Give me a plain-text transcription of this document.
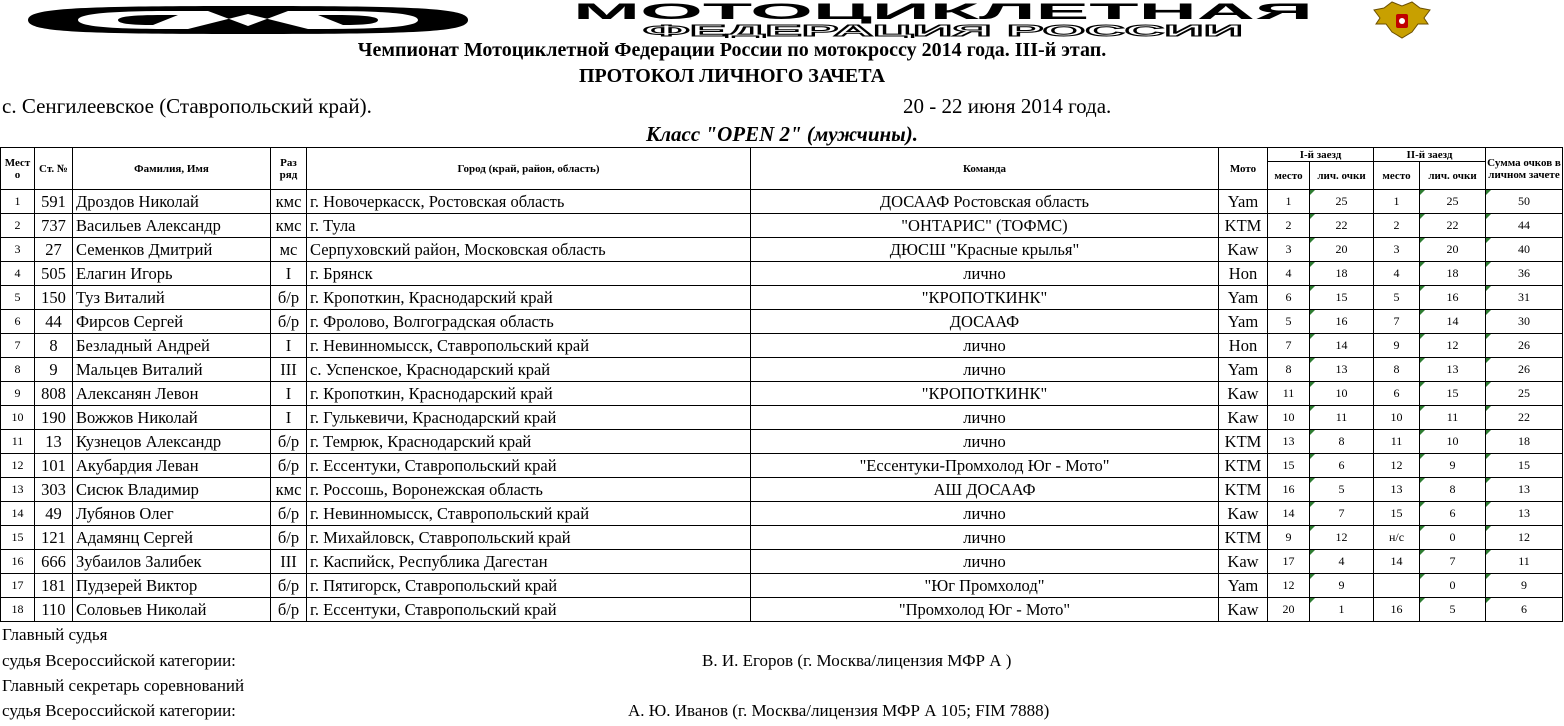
МОТОЦИКЛЕТНАЯ
ФЕДЕРАЦИЯ РОССИИ
Чемпионат Мотоциклетной Федерации России по мотокроссу 2014 года. III-й этап.
ПРОТОКОЛ ЛИЧНОГО ЗАЧЕТА
с. Сенгилеевское (Ставропольский край).	20 - 22 июня 2014 года.
Класс "OPEN 2" (мужчины).
Мест о	Ст. №	Фамилия, Имя	Раз ряд	Город (край, район, область)	Команда	Мото	I-й заезд		II-й заезд		Сумма очков в личном зачете
							место	лич. очки	место	лич. очки	
1	591	Дроздов Николай	кмс	г. Новочеркасск, Ростовская область	ДОСААФ Ростовская область	Yam	1	25	1	25	50
2	737	Васильев Александр	кмс	г. Тула	"ОНТАРИС" (ТОФМС)	KTM	2	22	2	22	44
3	27	Семенков Дмитрий	мс	Серпуховский район, Московская область	ДЮСШ "Красные крылья"	Kaw	3	20	3	20	40
4	505	Елагин Игорь	I	г. Брянск	лично	Hon	4	18	4	18	36
5	150	Туз Виталий	б/р	г. Кропоткин, Краснодарский край	"КРОПОТКИНК"	Yam	6	15	5	16	31
6	44	Фирсов Сергей	б/р	г. Фролово, Волгоградская область	ДОСААФ	Yam	5	16	7	14	30
7	8	Безладный Андрей	I	г. Невинномысск, Ставропольский край	лично	Hon	7	14	9	12	26
8	9	Мальцев Виталий	III	с. Успенское, Краснодарский край	лично	Yam	8	13	8	13	26
9	808	Алексанян Левон	I	г. Кропоткин, Краснодарский край	"КРОПОТКИНК"	Kaw	11	10	6	15	25
10	190	Вожжов Николай	I	г. Гулькевичи, Краснодарский край	лично	Kaw	10	11	10	11	22
11	13	Кузнецов Александр	б/р	г. Темрюк, Краснодарский край	лично	KTM	13	8	11	10	18
12	101	Акубардия Леван	б/р	г. Ессентуки, Ставропольский край	"Ессентуки-Промхолод Юг - Мото"	KTM	15	6	12	9	15
13	303	Сисюк Владимир	кмс	г. Россошь, Воронежская область	АШ ДОСААФ	KTM	16	5	13	8	13
14	49	Лубянов Олег	б/р	г. Невинномысск, Ставропольский край	лично	Kaw	14	7	15	6	13
15	121	Адамянц Сергей	б/р	г. Михайловск, Ставропольский край	лично	KTM	9	12	н/с	0	12
16	666	Зубаилов Залибек	III	г. Каспийск, Республика Дагестан	лично	Kaw	17	4	14	7	11
17	181	Пудзерей Виктор	б/р	г. Пятигорск, Ставропольский край	"Юг Промхолод"	Yam	12	9		0	9
18	110	Соловьев Николай	б/р	г. Ессентуки, Ставропольский край	"Промхолод Юг - Мото"	Kaw	20	1	16	5	6
Главный судья
судья Всероссийской категории:	В. И. Егоров (г. Москва/лицензия МФР А )
Главный секретарь соревнований
судья Всероссийской категории:	А. Ю. Иванов (г. Москва/лицензия МФР А 105; FIM 7888)
